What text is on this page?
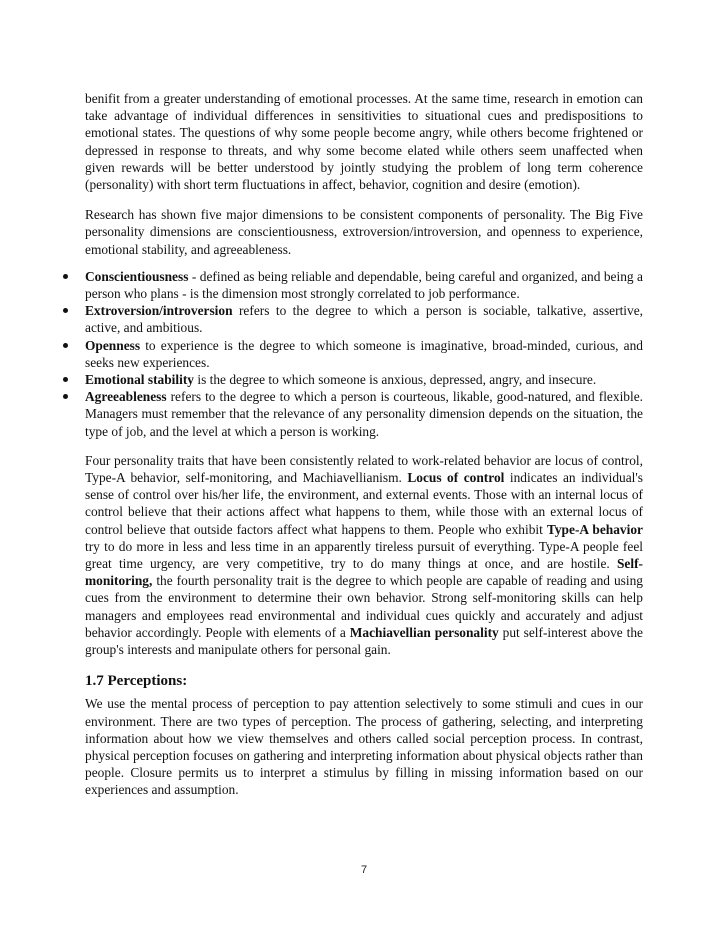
benifit from a greater understanding of emotional processes. At the same time, research in emotion can take advantage of individual differences in sensitivities to situational cues and predispositions to emotional states. The questions of why some people become angry, while others become frightened or depressed in response to threats, and why some become elated while others seem unaffected when given rewards will be better understood by jointly studying the problem of long term coherence (personality) with short term fluctuations in affect, behavior, cognition and desire (emotion).

Research has shown five major dimensions to be consistent components of personality. The Big Five personality dimensions are conscientiousness, extroversion/introversion, and openness to experience, emotional stability, and agreeableness.

Conscientiousness - defined as being reliable and dependable, being careful and organized, and being a person who plans - is the dimension most strongly correlated to job performance.
Extroversion/introversion refers to the degree to which a person is sociable, talkative, assertive, active, and ambitious.
Openness to experience is the degree to which someone is imaginative, broad-minded, curious, and seeks new experiences.
Emotional stability is the degree to which someone is anxious, depressed, angry, and insecure.
Agreeableness refers to the degree to which a person is courteous, likable, good-natured, and flexible. Managers must remember that the relevance of any personality dimension depends on the situation, the type of job, and the level at which a person is working.

Four personality traits that have been consistently related to work-related behavior are locus of control, Type-A behavior, self-monitoring, and Machiavellianism. Locus of control indicates an individual's sense of control over his/her life, the environment, and external events. Those with an internal locus of control believe that their actions affect what happens to them, while those with an external locus of control believe that outside factors affect what happens to them. People who exhibit Type-A behavior try to do more in less and less time in an apparently tireless pursuit of everything. Type-A people feel great time urgency, are very competitive, try to do many things at once, and are hostile. Self-monitoring, the fourth personality trait is the degree to which people are capable of reading and using cues from the environment to determine their own behavior. Strong self-monitoring skills can help managers and employees read environmental and individual cues quickly and accurately and adjust behavior accordingly. People with elements of a Machiavellian personality put self-interest above the group's interests and manipulate others for personal gain.

1.7 Perceptions:

We use the mental process of perception to pay attention selectively to some stimuli and cues in our environment. There are two types of perception. The process of gathering, selecting, and interpreting information about how we view themselves and others called social perception process. In contrast, physical perception focuses on gathering and interpreting information about physical objects rather than people. Closure permits us to interpret a stimulus by filling in missing information based on our experiences and assumption.

7
